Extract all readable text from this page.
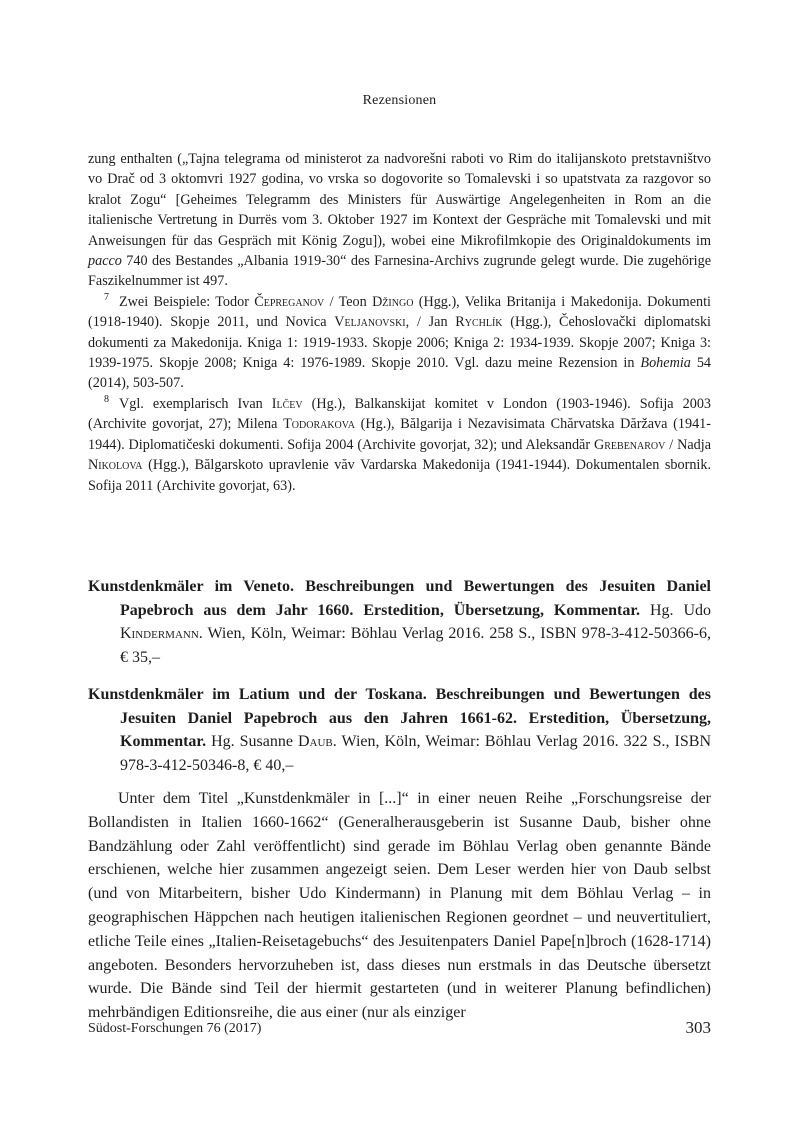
Rezensionen

zung enthalten („Tajna telegrama od ministerot za nadvorešni raboti vo Rim do italijanskoto pretstavništvo vo Drač od 3 oktomvri 1927 godina, vo vrska so dogovorite so Tomalevski i so upatstvata za razgovor so kralot Zogu“ [Geheimes Telegramm des Ministers für Auswärtige Angelegenheiten in Rom an die italienische Vertretung in Durrës vom 3. Oktober 1927 im Kontext der Gespräche mit Tomalevski und mit Anweisungen für das Gespräch mit König Zogu]), wobei eine Mikrofilmkopie des Originaldokuments im pacco 740 des Bestandes „Albania 1919-30“ des Farnesina-Archivs zugrunde gelegt wurde. Die zugehörige Faszikelnummer ist 497.

$^7$ Zwei Beispiele: Todor Čepreganov / Teon Džingo (Hgg.), Velika Britanija i Makedonija. Dokumenti (1918-1940). Skopje 2011, und Novica Veljanovski, / Jan Rychlík (Hgg.), Čehoslovački diplomatski dokumenti za Makedonija. Kniga 1: 1919-1933. Skopje 2006; Kniga 2: 1934-1939. Skopje 2007; Kniga 3: 1939-1975. Skopje 2008; Kniga 4: 1976-1989. Skopje 2010. Vgl. dazu meine Rezension in Bohemia 54 (2014), 503-507.

$^8$ Vgl. exemplarisch Ivan Ilčev (Hg.), Balkanskijat komitet v London (1903-1946). Sofija 2003 (Archivite govorjat, 27); Milena Todorakova (Hg.), Bălgarija i Nezavisimata Chărvatska Dăržava (1941-1944). Diplomatičeski dokumenti. Sofija 2004 (Archivite govorjat, 32); und Aleksandăr Grebenarov / Nadja Nikolova (Hgg.), Bălgarskoto upravlenie văv Vardarska Makedonija (1941-1944). Dokumentalen sbornik. Sofija 2011 (Archivite govorjat, 63).

Kunstdenkmäler im Veneto. Beschreibungen und Bewertungen des Jesuiten Daniel Papebroch aus dem Jahr 1660. Erstedition, Übersetzung, Kommentar. Hg. Udo Kindermann. Wien, Köln, Weimar: Böhlau Verlag 2016. 258 S., ISBN 978-3-412-50366-6, € 35,–

Kunstdenkmäler im Latium und der Toskana. Beschreibungen und Bewertungen des Jesuiten Daniel Papebroch aus den Jahren 1661-62. Erstedition, Übersetzung, Kommentar. Hg. Susanne Daub. Wien, Köln, Weimar: Böhlau Verlag 2016. 322 S., ISBN 978-3-412-50346-8, € 40,–

Unter dem Titel „Kunstdenkmäler in [...]“ in einer neuen Reihe „Forschungsreise der Bollandisten in Italien 1660-1662“ (Generalherausgeberin ist Susanne Daub, bisher ohne Bandzählung oder Zahl veröffentlicht) sind gerade im Böhlau Verlag oben genannte Bände erschienen, welche hier zusammen angezeigt seien. Dem Leser werden hier von Daub selbst (und von Mitarbeitern, bisher Udo Kindermann) in Planung mit dem Böhlau Verlag – in geographischen Häppchen nach heutigen italienischen Regionen geordnet – und neuvertituliert, etliche Teile eines „Italien-Reisetagebuchs“ des Jesuitenpaters Daniel Pape[n]broch (1628-1714) angeboten. Besonders hervorzuheben ist, dass dieses nun erstmals in das Deutsche übersetzt wurde. Die Bände sind Teil der hiermit gestarteten (und in weiterer Planung befindlichen) mehrbändigen Editionsreihe, die aus einer (nur als einziger

Südost-Forschungen 76 (2017)	303
